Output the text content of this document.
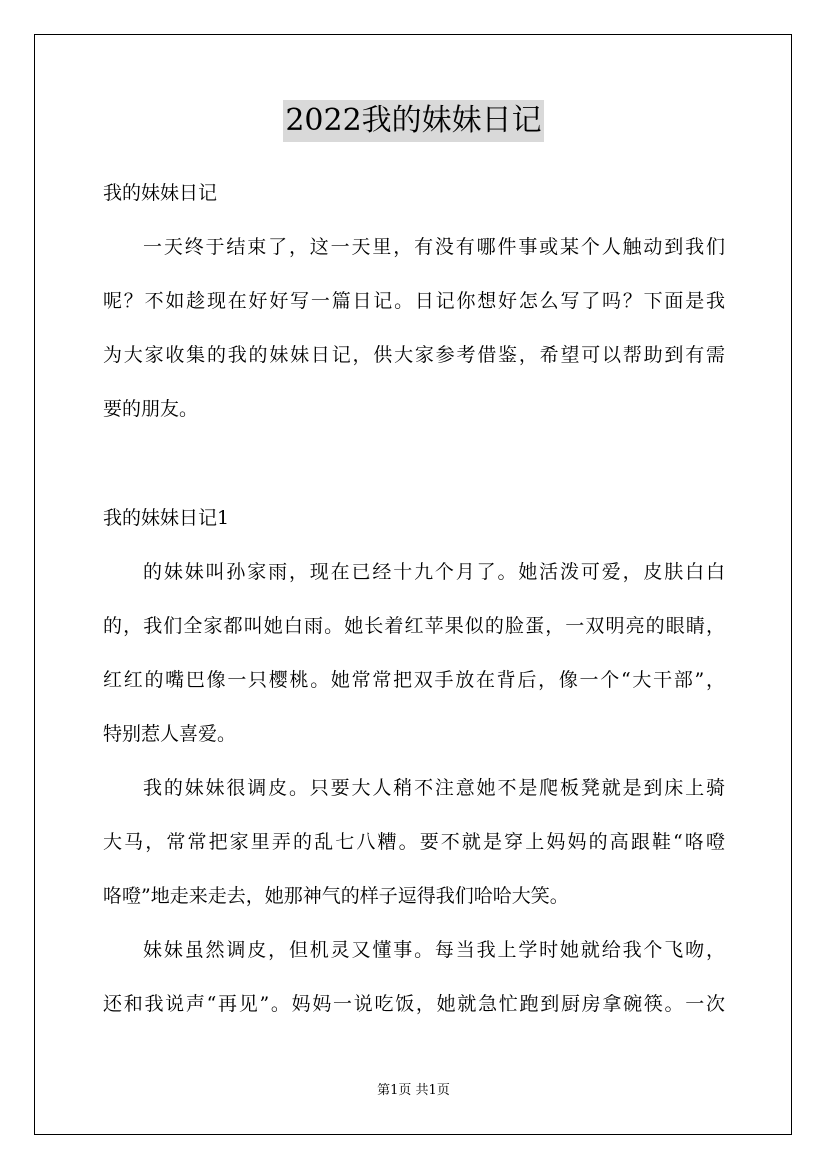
2022我的妹妹日记
我的妹妹日记
一天终于结束了，这一天里，有没有哪件事或某个人触动到我们
呢？不如趁现在好好写一篇日记。日记你想好怎么写了吗？下面是我
为大家收集的我的妹妹日记，供大家参考借鉴，希望可以帮助到有需
要的朋友。
我的妹妹日记1
的妹妹叫孙家雨，现在已经十九个月了。她活泼可爱，皮肤白白
的，我们全家都叫她白雨。她长着红苹果似的脸蛋，一双明亮的眼睛，
红红的嘴巴像一只樱桃。她常常把双手放在背后，像一个“大干部”，
特别惹人喜爱。
我的妹妹很调皮。只要大人稍不注意她不是爬板凳就是到床上骑
大马，常常把家里弄的乱七八糟。要不就是穿上妈妈的高跟鞋“咯噔
咯噔”地走来走去，她那神气的样子逗得我们哈哈大笑。
妹妹虽然调皮，但机灵又懂事。每当我上学时她就给我个飞吻，
还和我说声“再见”。妈妈一说吃饭，她就急忙跑到厨房拿碗筷。一次
第1页 共1页
